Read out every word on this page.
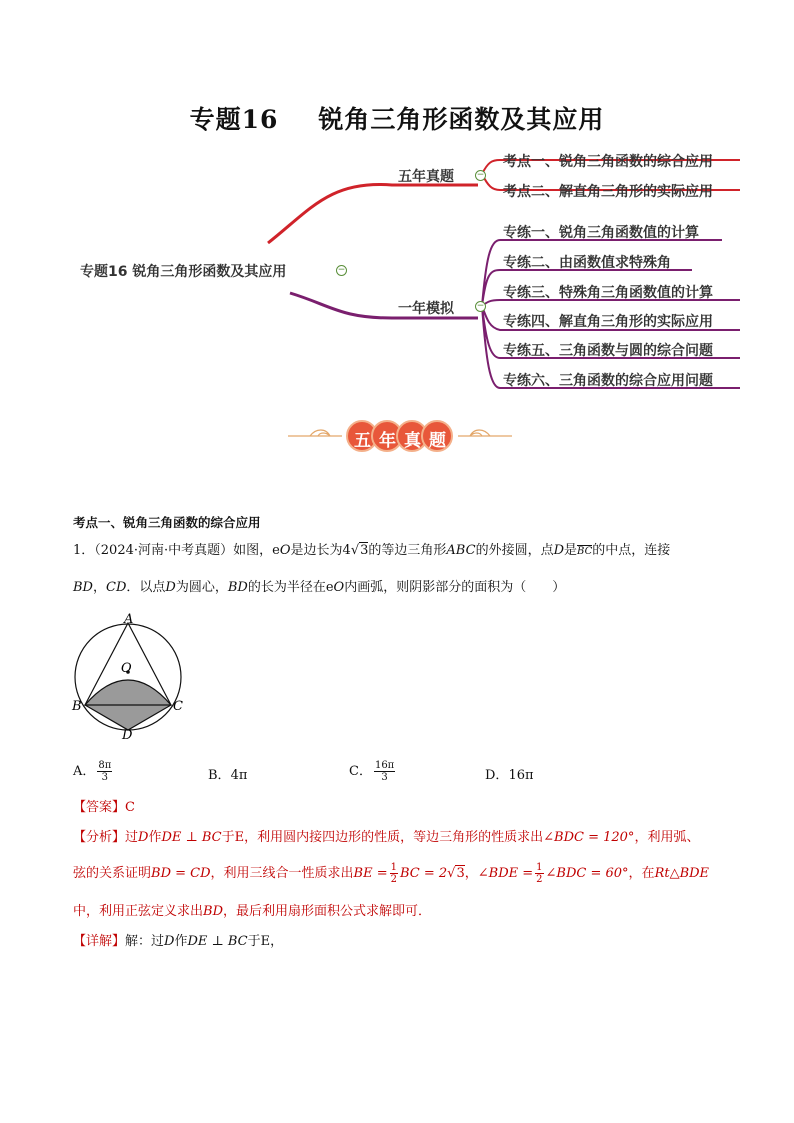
专题16 锐角三角形函数及其应用
专题16 锐角三角形函数及其应用	−
五年真题	−
考点一、锐角三角函数的综合应用
考点二、解直角三角形的实际应用
一年模拟	−
专练一、锐角三角函数值的计算
专练二、由函数值求特殊角
专练三、特殊角三角函数值的计算
专练四、解直角三角形的实际应用
专练五、三角函数与圆的综合问题
专练六、三角函数的综合应用问题
五 年 真 题
考点一、锐角三角函数的综合应用
1．（2024·河南·中考真题）如图，eO是边长为4√3的等边三角形ABC的外接圆，点D是BC的中点，连接
BD，CD．以点D为圆心，BD的长为半径在eO内画弧，则阴影部分的面积为（　　）
A
O
B	C
D
A． $\frac{8\pi}{3}$	B．4π	C． $\frac{16\pi}{3}$	D．16π
【答案】C
【分析】过D作DE ⊥ BC于E，利用圆内接四边形的性质，等边三角形的性质求出∠BDC = 120°，利用弧、
弦的关系证明BD = CD，利用三线合一性质求出BE = $\frac{1}{2}$ BC = 2√3，∠BDE = $\frac{1}{2}$ ∠BDC = 60°，在Rt△BDE
中，利用正弦定义求出BD，最后利用扇形面积公式求解即可．
【详解】解：过D作DE ⊥ BC于E，
